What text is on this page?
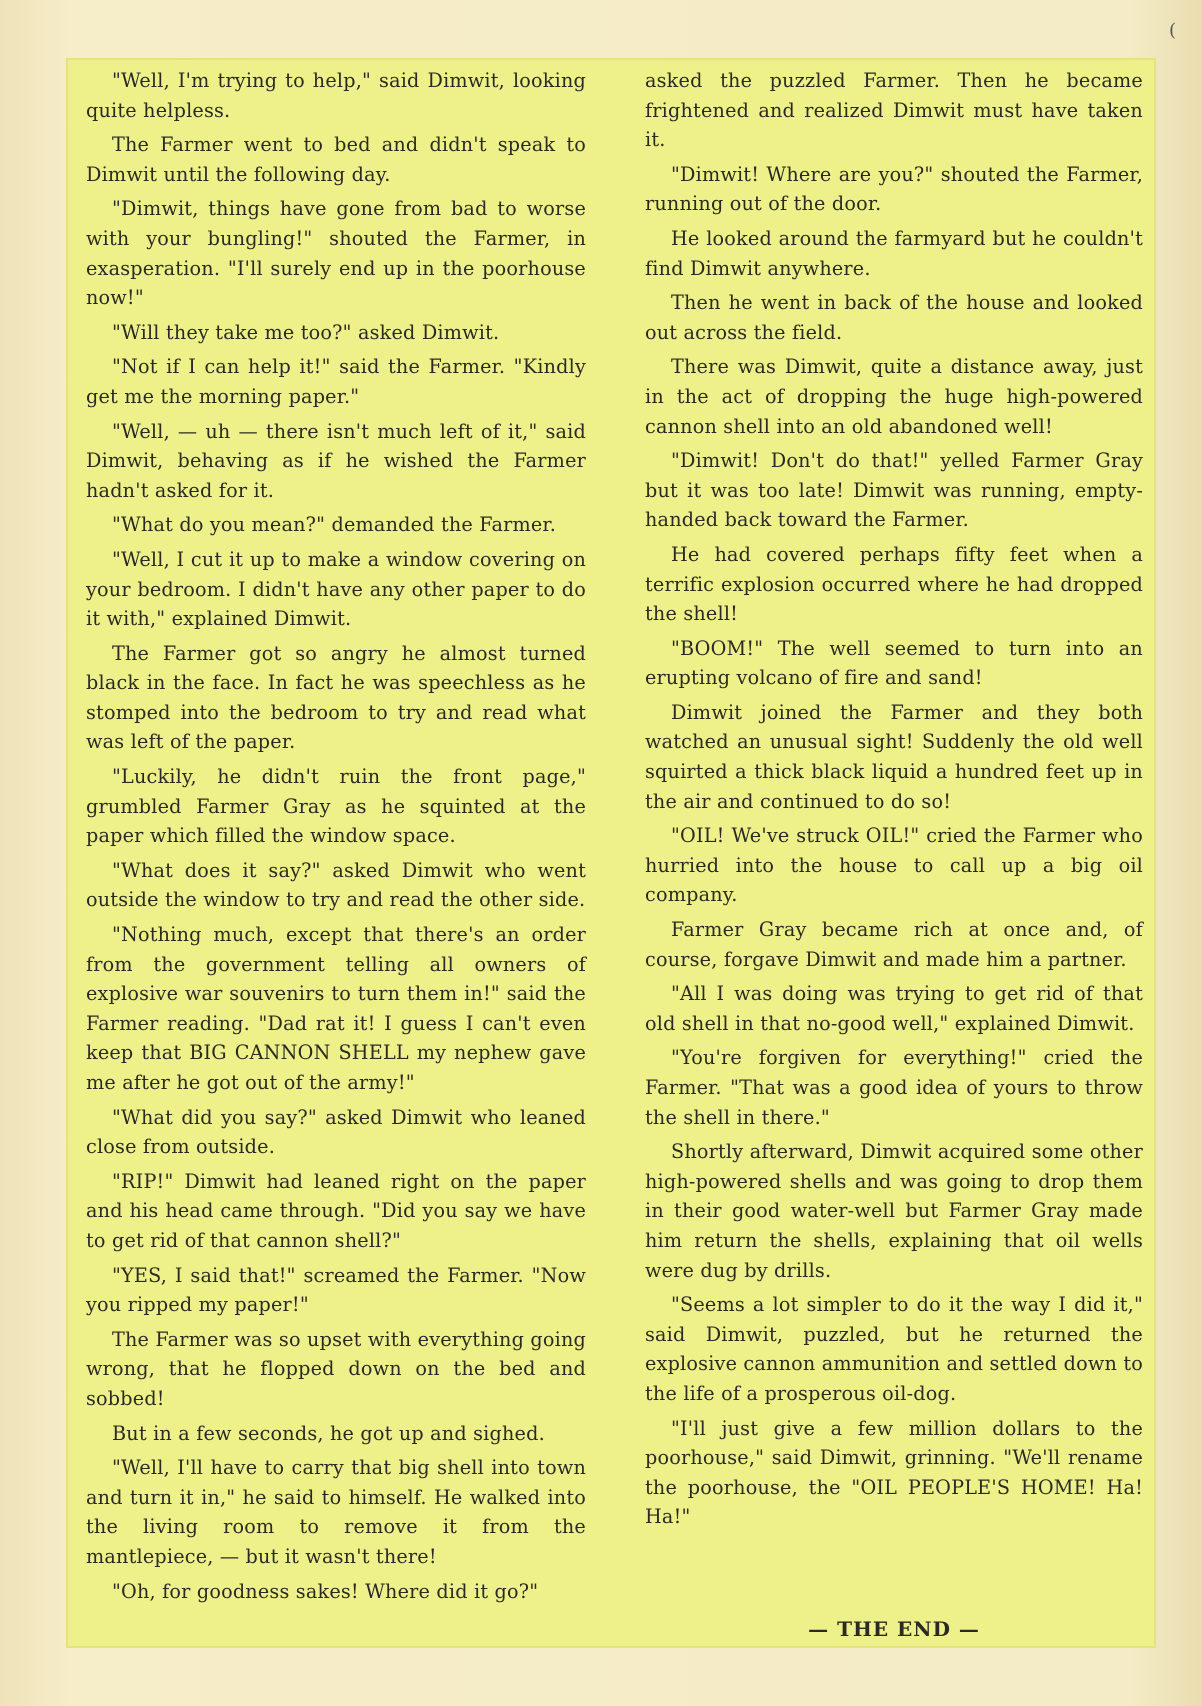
(

"Well, I'm trying to help," said Dimwit, looking quite helpless.

The Farmer went to bed and didn't speak to Dimwit until the following day.

"Dimwit, things have gone from bad to worse with your bungling!" shouted the Farmer, in exasperation. "I'll surely end up in the poorhouse now!"

"Will they take me too?" asked Dimwit.

"Not if I can help it!" said the Farmer. "Kindly get me the morning paper."

"Well, — uh — there isn't much left of it," said Dimwit, behaving as if he wished the Farmer hadn't asked for it.

"What do you mean?" demanded the Farmer.

"Well, I cut it up to make a window covering on your bedroom. I didn't have any other paper to do it with," explained Dimwit.

The Farmer got so angry he almost turned black in the face. In fact he was speechless as he stomped into the bedroom to try and read what was left of the paper.

"Luckily, he didn't ruin the front page," grumbled Farmer Gray as he squinted at the paper which filled the window space.

"What does it say?" asked Dimwit who went outside the window to try and read the other side.

"Nothing much, except that there's an order from the government telling all owners of explosive war souvenirs to turn them in!" said the Farmer reading. "Dad rat it! I guess I can't even keep that BIG CANNON SHELL my nephew gave me after he got out of the army!"

"What did you say?" asked Dimwit who leaned close from outside.

"RIP!" Dimwit had leaned right on the paper and his head came through. "Did you say we have to get rid of that cannon shell?"

"YES, I said that!" screamed the Farmer. "Now you ripped my paper!"

The Farmer was so upset with everything going wrong, that he flopped down on the bed and sobbed!

But in a few seconds, he got up and sighed.

"Well, I'll have to carry that big shell into town and turn it in," he said to himself. He walked into the living room to remove it from the mantlepiece, — but it wasn't there!

"Oh, for goodness sakes! Where did it go?"

asked the puzzled Farmer. Then he became frightened and realized Dimwit must have taken it.

"Dimwit! Where are you?" shouted the Farmer, running out of the door.

He looked around the farmyard but he couldn't find Dimwit anywhere.

Then he went in back of the house and looked out across the field.

There was Dimwit, quite a distance away, just in the act of dropping the huge high-powered cannon shell into an old abandoned well!

"Dimwit! Don't do that!" yelled Farmer Gray but it was too late! Dimwit was running, empty-handed back toward the Farmer.

He had covered perhaps fifty feet when a terrific explosion occurred where he had dropped the shell!

"BOOM!" The well seemed to turn into an erupting volcano of fire and sand!

Dimwit joined the Farmer and they both watched an unusual sight! Suddenly the old well squirted a thick black liquid a hundred feet up in the air and continued to do so!

"OIL! We've struck OIL!" cried the Farmer who hurried into the house to call up a big oil company.

Farmer Gray became rich at once and, of course, forgave Dimwit and made him a partner.

"All I was doing was trying to get rid of that old shell in that no-good well," explained Dimwit.

"You're forgiven for everything!" cried the Farmer. "That was a good idea of yours to throw the shell in there."

Shortly afterward, Dimwit acquired some other high-powered shells and was going to drop them in their good water-well but Farmer Gray made him return the shells, explaining that oil wells were dug by drills.

"Seems a lot simpler to do it the way I did it," said Dimwit, puzzled, but he returned the explosive cannon ammunition and settled down to the life of a prosperous oil-dog.

"I'll just give a few million dollars to the poorhouse," said Dimwit, grinning. "We'll rename the poorhouse, the "OIL PEOPLE'S HOME! Ha! Ha!"

— THE END —
